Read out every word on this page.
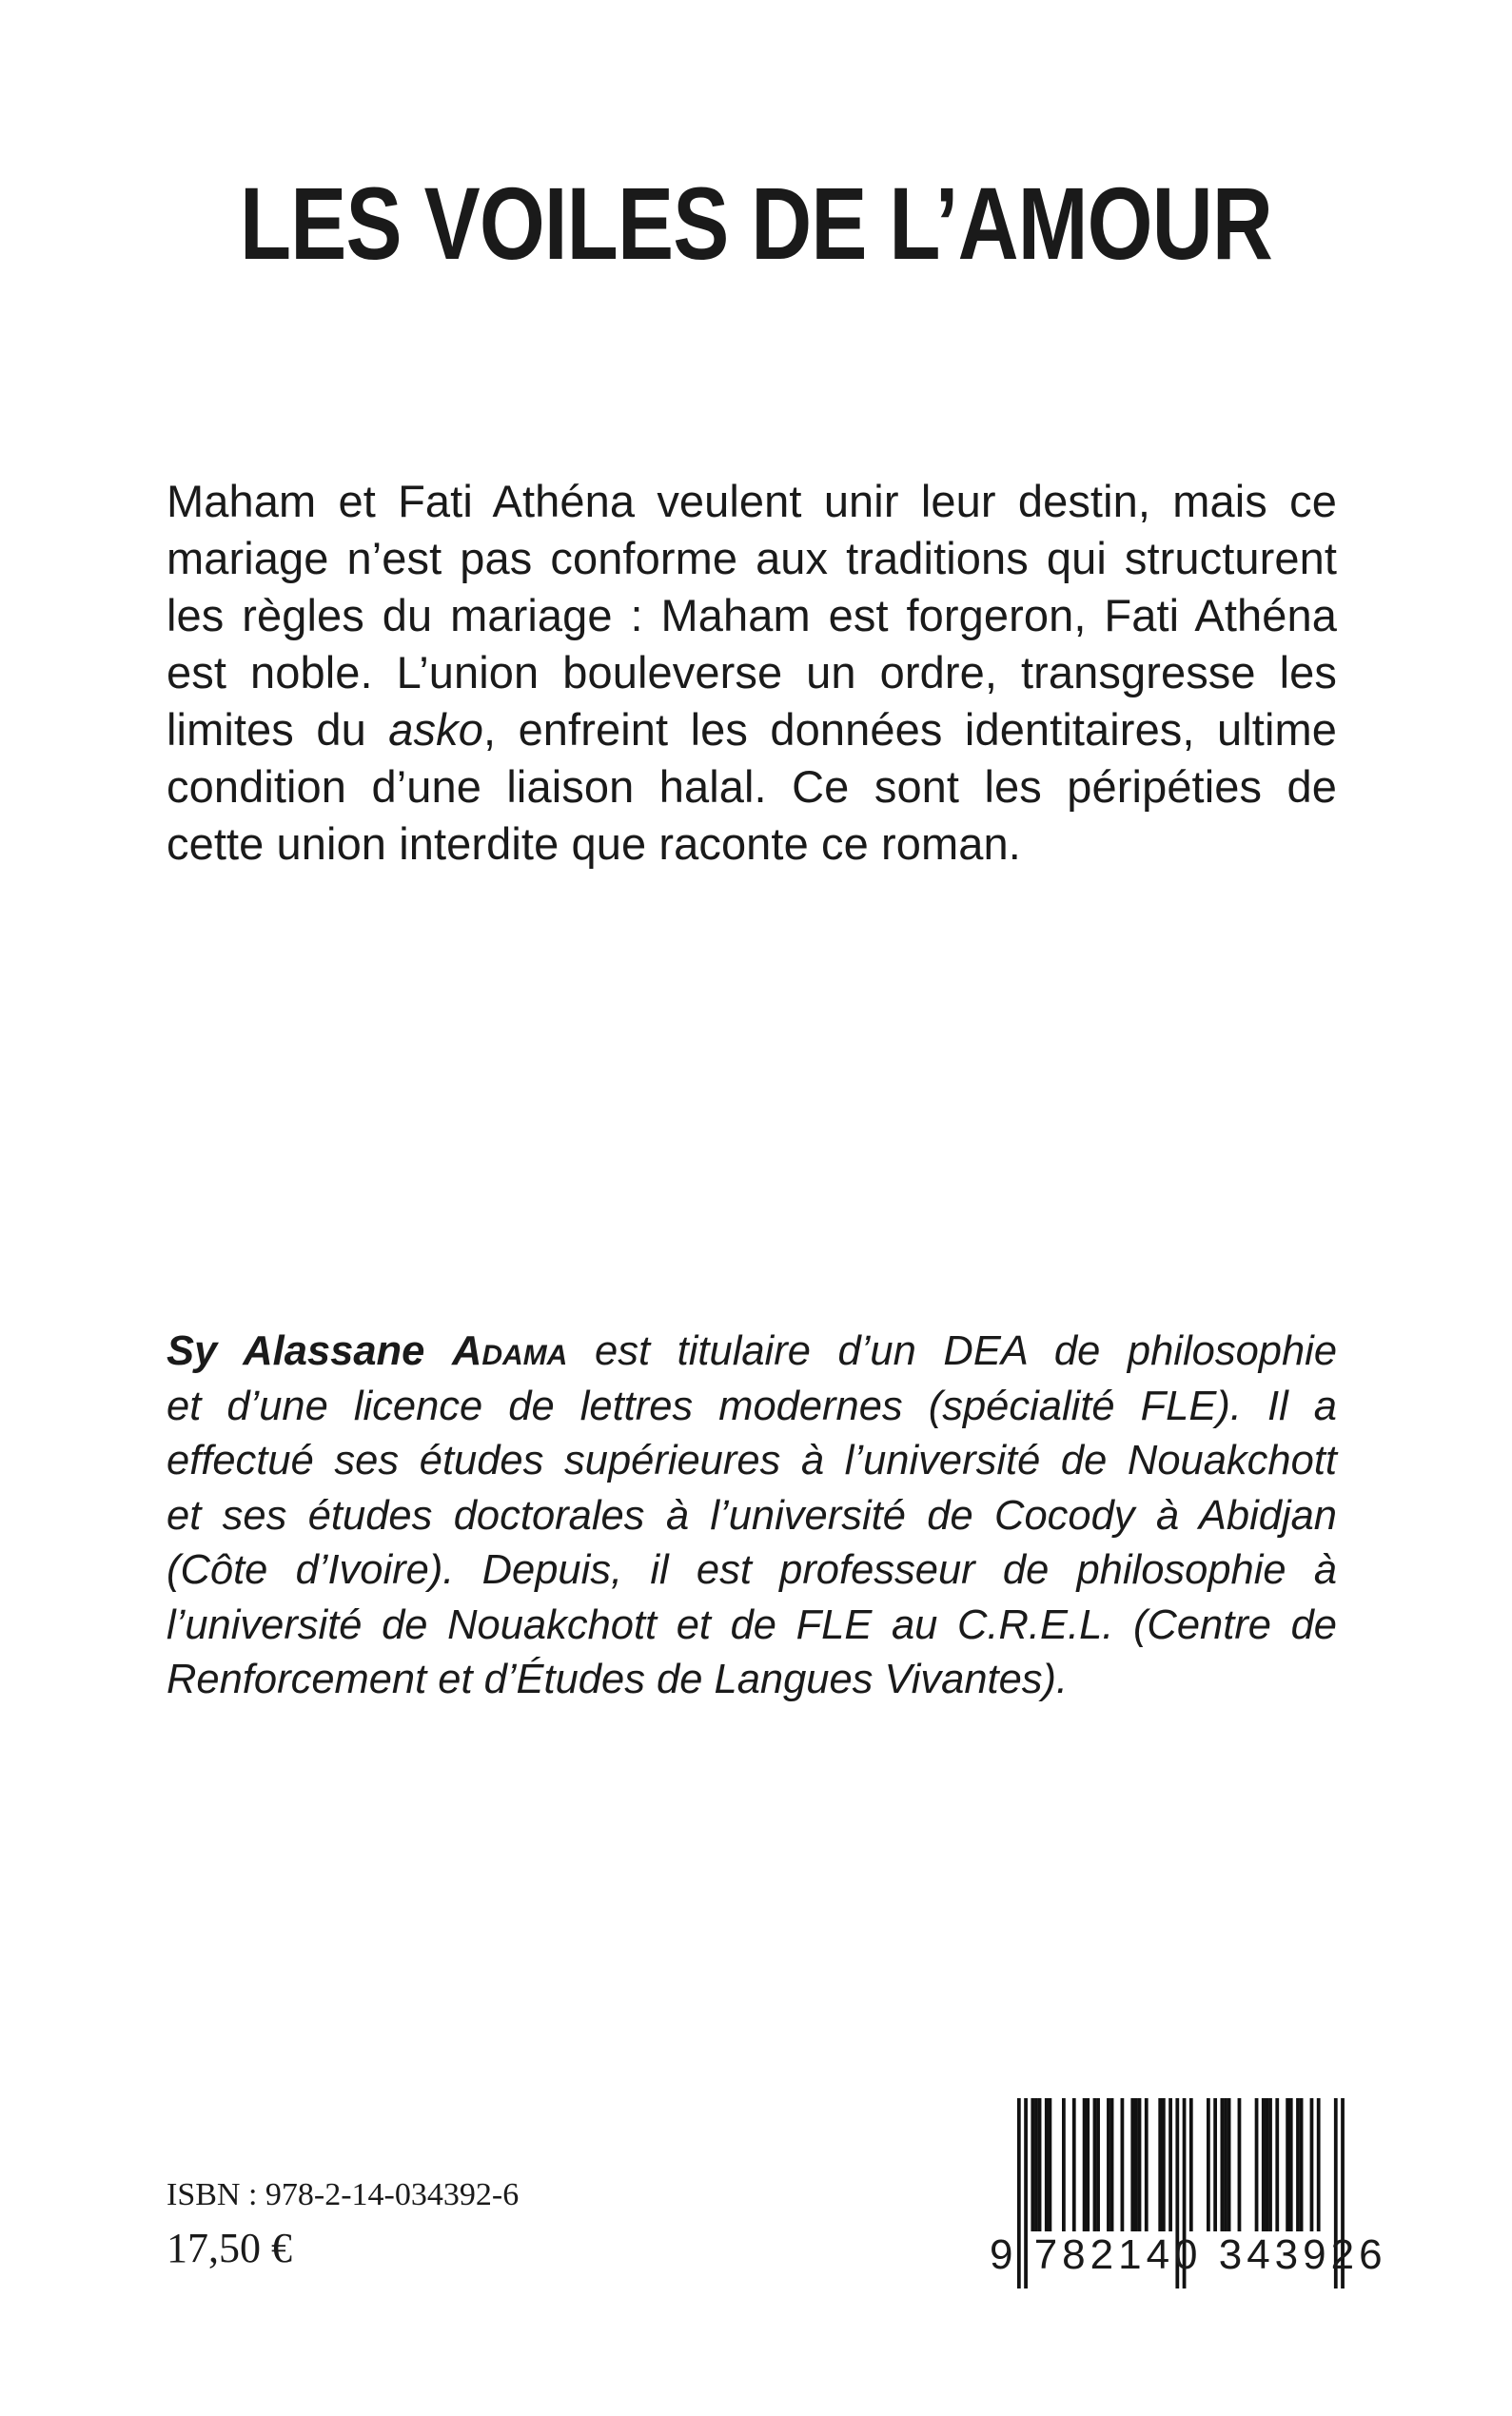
LES VOILES DE L’AMOUR
Maham et Fati Athéna veulent unir leur destin, mais ce
mariage n’est pas conforme aux traditions qui structurent
les règles du mariage : Maham est forgeron, Fati Athéna
est noble. L’union bouleverse un ordre, transgresse les
limites du asko, enfreint les données identitaires, ultime
condition d’une liaison halal. Ce sont les péripéties de
cette union interdite que raconte ce roman.
Sy Alassane Adama est titulaire d’un DEA de philosophie
et d’une licence de lettres modernes (spécialité FLE). Il a
effectué ses études supérieures à l’université de Nouakchott
et ses études doctorales à l’université de Cocody à Abidjan
(Côte d’Ivoire). Depuis, il est professeur de philosophie à
l’université de Nouakchott et de FLE au C.R.E.L. (Centre de
Renforcement et d’Études de Langues Vivantes).

ISBN : 978-2-14-034392-6

17,50 €	9 782140 343926
